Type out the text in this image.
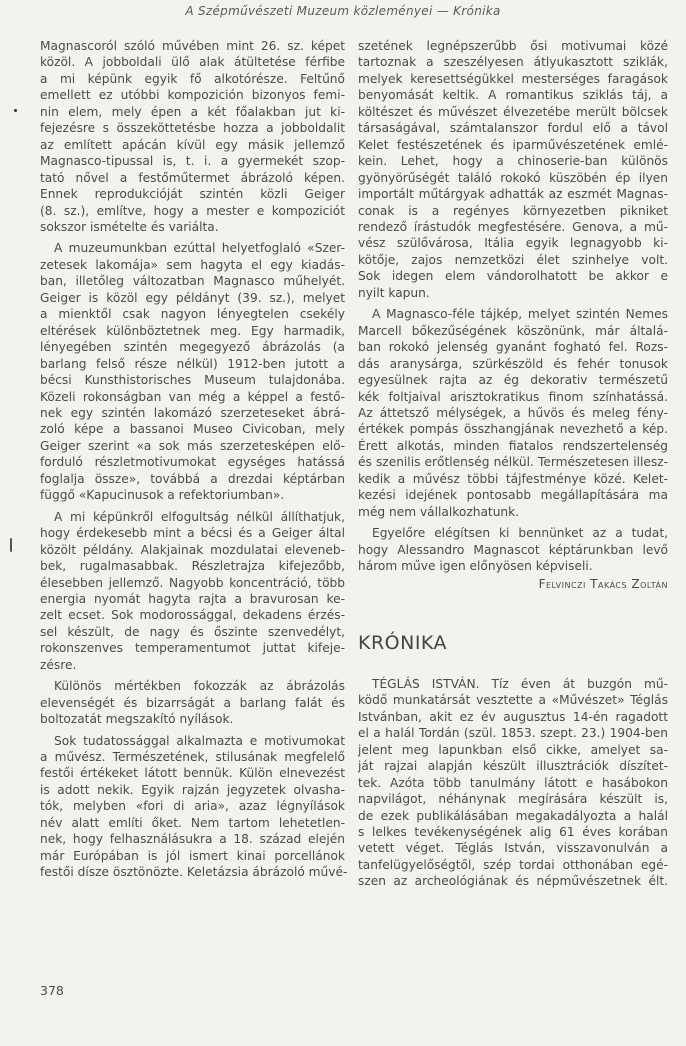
A Szépművészeti Muzeum közleményei — Krónika
Magnascoról szóló művében mint 26. sz. képet
közöl. A jobboldali ülő alak átültetése férfibe
a mi képünk egyik fő alkotórésze. Feltűnő
emellett ez utóbbi kompozición bizonyos femi-
nin elem, mely épen a két főalakban jut ki-
fejezésre s összeköttetésbe hozza a jobboldalit
az említett apácán kívül egy másik jellemző
Magnasco-tipussal is, t. i. a gyermekét szop-
tató nővel a festőműtermet ábrázoló képen.
Ennek reprodukcióját szintén közli Geiger
(8. sz.), említve, hogy a mester e kompoziciót
sokszor ismételte és variálta.
A muzeumunkban ezúttal helyetfoglaló «Szer-
zetesek lakomája» sem hagyta el egy kiadás-
ban, illetőleg változatban Magnasco műhelyét.
Geiger is közöl egy példányt (39. sz.), melyet
a mienktől csak nagyon lényegtelen csekély
eltérések különböztetnek meg. Egy harmadik,
lényegében szintén megegyező ábrázolás (a
barlang felső része nélkül) 1912-ben jutott a
bécsi Kunsthistorisches Museum tulajdonába.
Közeli rokonságban van még a képpel a festő-
nek egy szintén lakomázó szerzeteseket ábrá-
zoló képe a bassanoi Museo Civicoban, mely
Geiger szerint «a sok más szerzetesképen elő-
forduló részletmotivumokat egységes hatássá
foglalja össze», továbbá a drezdai képtárban
függő «Kapucinusok a refektoriumban».
A mi képünkről elfogultság nélkül állíthatjuk,
hogy érdekesebb mint a bécsi és a Geiger által
közölt példány. Alakjainak mozdulatai eleveneb-
bek, rugalmasabbak. Részletrajza kifejezőbb,
élesebben jellemző. Nagyobb koncentráció, több
energia nyomát hagyta rajta a bravurosan ke-
zelt ecset. Sok modorossággal, dekadens érzés-
sel készült, de nagy és őszinte szenvedélyt,
rokonszenves temperamentumot juttat kifeje-
zésre.
Különös mértékben fokozzák az ábrázolás
elevenségét és bizarrságát a barlang falát és
boltozatát megszakító nyílások.
Sok tudatossággal alkalmazta e motivumokat
a művész. Természetének, stilusának megfelelő
festői értékeket látott bennük. Külön elnevezést
is adott nekik. Egyik rajzán jegyzetek olvasha-
tók, melyben «fori di aria», azaz légnyílások
név alatt említi őket. Nem tartom lehetetlen-
nek, hogy felhasználásukra a 18. század elején
már Európában is jól ismert kinai porcellánok
festői dísze ösztönözte. Keletázsia ábrázoló művé-
szetének legnépszerűbb ősi motivumai közé
tartoznak a szeszélyesen átlyukasztott sziklák,
melyek keresettségükkel mesterséges faragások
benyomását keltik. A romantikus sziklás táj, a
költészet és művészet élvezetébe merült bölcsek
társaságával, számtalanszor fordul elő a távol
Kelet festészetének és iparművészetének emlé-
kein. Lehet, hogy a chinoserie-ban különös
gyönyörűségét találó rokokó küszöbén ép ilyen
importált műtárgyak adhatták az eszmét Magnas-
conak is a regényes környezetben pikniket
rendező írástudók megfestésére. Genova, a mű-
vész szülővárosa, Itália egyik legnagyobb ki-
kötője, zajos nemzetközi élet szinhelye volt.
Sok idegen elem vándorolhatott be akkor e
nyilt kapun.
A Magnasco-féle tájkép, melyet szintén Nemes
Marcell bőkezűségének köszönünk, már általá-
ban rokokó jelenség gyanánt fogható fel. Rozs-
dás aranysárga, szürkészöld és fehér tonusok
egyesülnek rajta az ég dekorativ természetű
kék foltjaival arisztokratikus finom színhatássá.
Az áttetsző mélységek, a hűvös és meleg fény-
értékek pompás összhangjának nevezhető a kép.
Érett alkotás, minden fiatalos rendszertelenség
és szenilis erőtlenség nélkül. Természetesen illesz-
kedik a művész többi tájfestménye közé. Kelet-
kezési idejének pontosabb megállapítására ma
még nem vállalkozhatunk.
Egyelőre elégítsen ki bennünket az a tudat,
hogy Alessandro Magnascot képtárunkban levő
három műve igen előnyösen képviseli.
Felvinczi Takács Zoltán
KRÓNIKA
TÉGLÁS ISTVÁN. Tíz éven át buzgón mű-
ködő munkatársát vesztette a «Művészet» Téglás
Istvánban, akit ez év augusztus 14-én ragadott
el a halál Tordán (szül. 1853. szept. 23.) 1904-ben
jelent meg lapunkban első cikke, amelyet sa-
ját rajzai alapján készült illusztrációk díszítet-
tek. Azóta több tanulmány látott e hasábokon
napvilágot, néhánynak megírására készült is,
de ezek publikálásában megakadályozta a halál
s lelkes tevékenységének alig 61 éves korában
vetett véget. Téglás István, visszavonulván a
tanfelügyelőségtől, szép tordai otthonában egé-
szen az archeológiának és népművészetnek élt.
378
